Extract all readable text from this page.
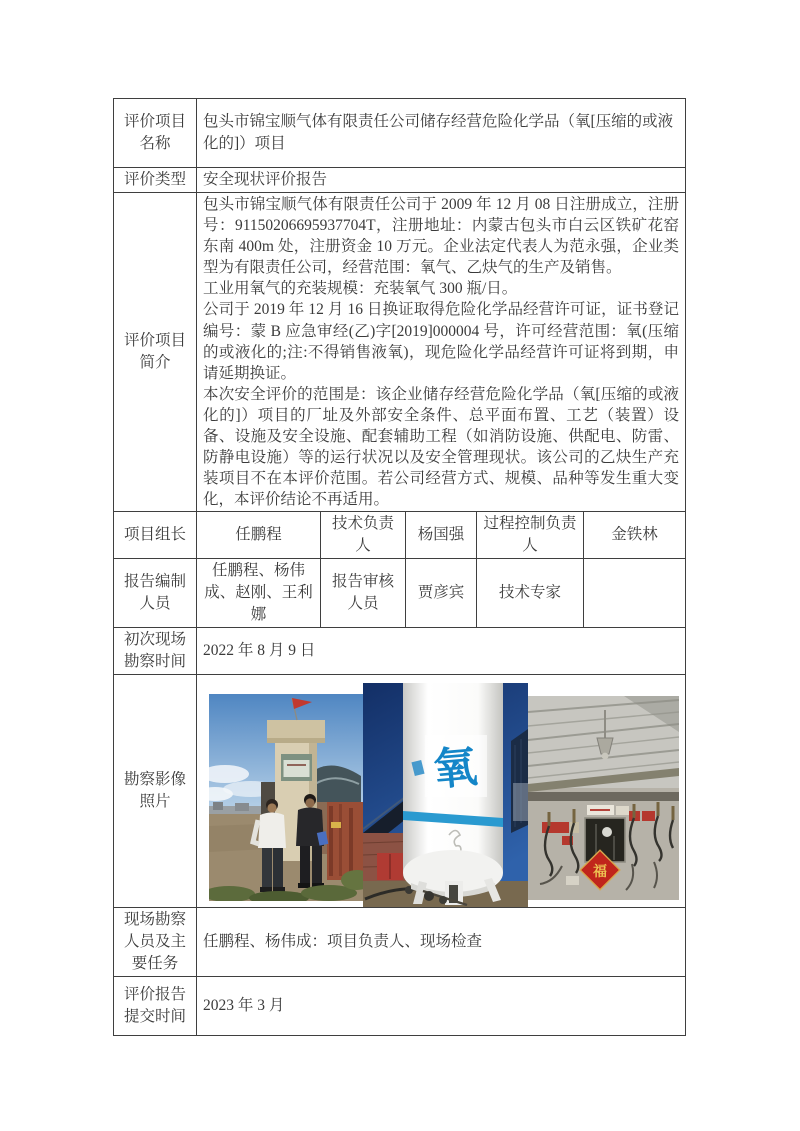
评价项目名称	包头市锦宝顺气体有限责任公司储存经营危险化学品（氧[压缩的或液化的]）项目				
评价类型	安全现状评价报告				
评价项目简介	包头市锦宝顺气体有限责任公司于 2009 年 12 月 08 日注册成立，注册号：91150206695937704T，注册地址：内蒙古包头市白云区铁矿花窑东南 400m 处，注册资金 10 万元。企业法定代表人为范永强，企业类型为有限责任公司，经营范围：氧气、乙炔气的生产及销售。

工业用氧气的充装规模：充装氧气 300 瓶/日。

公司于 2019 年 12 月 16 日换证取得危险化学品经营许可证，证书登记编号：蒙 B 应急审经(乙)字[2019]000004 号，许可经营范围：氧(压缩的或液化的;注:不得销售液氧)，现危险化学品经营许可证将到期，申请延期换证。

本次安全评价的范围是：该企业储存经营危险化学品（氧[压缩的或液化的]）项目的厂址及外部安全条件、总平面布置、工艺（装置）设备、设施及安全设施、配套辅助工程（如消防设施、供配电、防雷、防静电设施）等的运行状况以及安全管理现状。该公司的乙炔生产充装项目不在本评价范围。若公司经营方式、规模、品种等发生重大变化，本评价结论不再适用。				

项目组长	任鹏程	技术负责人	杨国强	过程控制负责人	金铁林
报告编制人员	任鹏程、杨伟成、赵刚、王利娜	报告审核人员	贾彦宾	技术专家	
初次现场勘察时间	2022 年 8 月 9 日				
勘察影像照片	氧
福				

现场勘察人员及主要任务	任鹏程、杨伟成：项目负责人、现场检查				
评价报告提交时间	2023 年 3 月				
